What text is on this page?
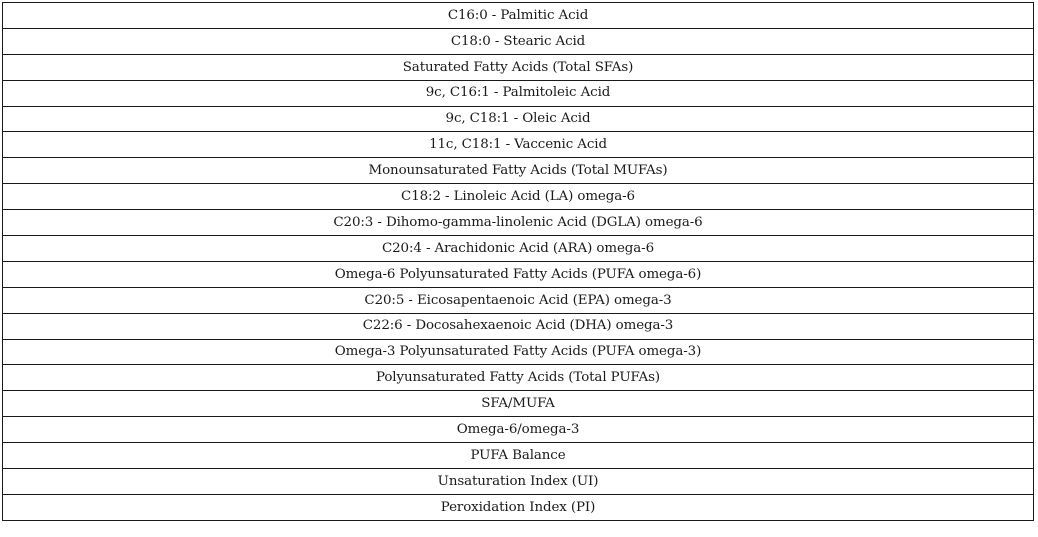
C16:0 - Palmitic Acid
C18:0 - Stearic Acid
Saturated Fatty Acids (Total SFAs)
9c, C16:1 - Palmitoleic Acid
9c, C18:1 - Oleic Acid
11c, C18:1 - Vaccenic Acid
Monounsaturated Fatty Acids (Total MUFAs)
C18:2 - Linoleic Acid (LA) omega-6
C20:3 - Dihomo-gamma-linolenic Acid (DGLA) omega-6
C20:4 - Arachidonic Acid (ARA) omega-6
Omega-6 Polyunsaturated Fatty Acids (PUFA omega-6)
C20:5 - Eicosapentaenoic Acid (EPA) omega-3
C22:6 - Docosahexaenoic Acid (DHA) omega-3
Omega-3 Polyunsaturated Fatty Acids (PUFA omega-3)
Polyunsaturated Fatty Acids (Total PUFAs)
SFA/MUFA
Omega-6/omega-3
PUFA Balance
Unsaturation Index (UI)
Peroxidation Index (PI)
